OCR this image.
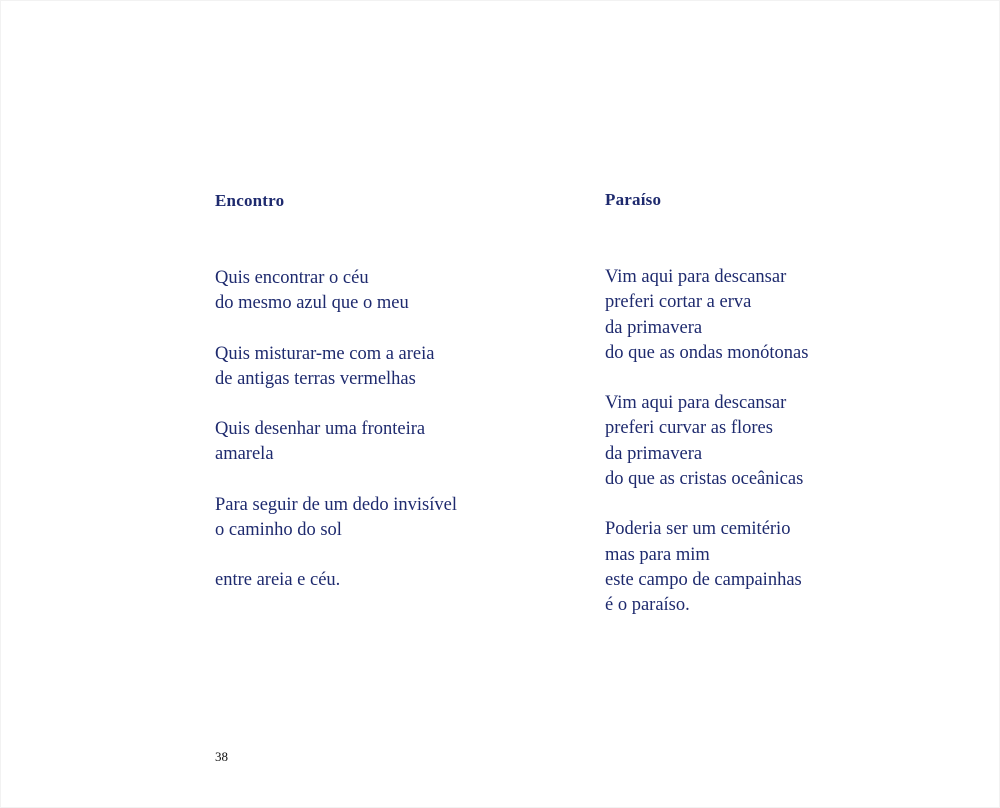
Encontro
Quis encontrar o céu
do mesmo azul que o meu
Quis misturar-me com a areia
de antigas terras vermelhas
Quis desenhar uma fronteira
amarela
Para seguir de um dedo invisível
o caminho do sol
entre areia e céu.
Paraíso
Vim aqui para descansar
preferi cortar a erva
da primavera
do que as ondas monótonas
Vim aqui para descansar
preferi curvar as flores
da primavera
do que as cristas oceânicas
Poderia ser um cemitério
mas para mim
este campo de campainhas
é o paraíso.
38
